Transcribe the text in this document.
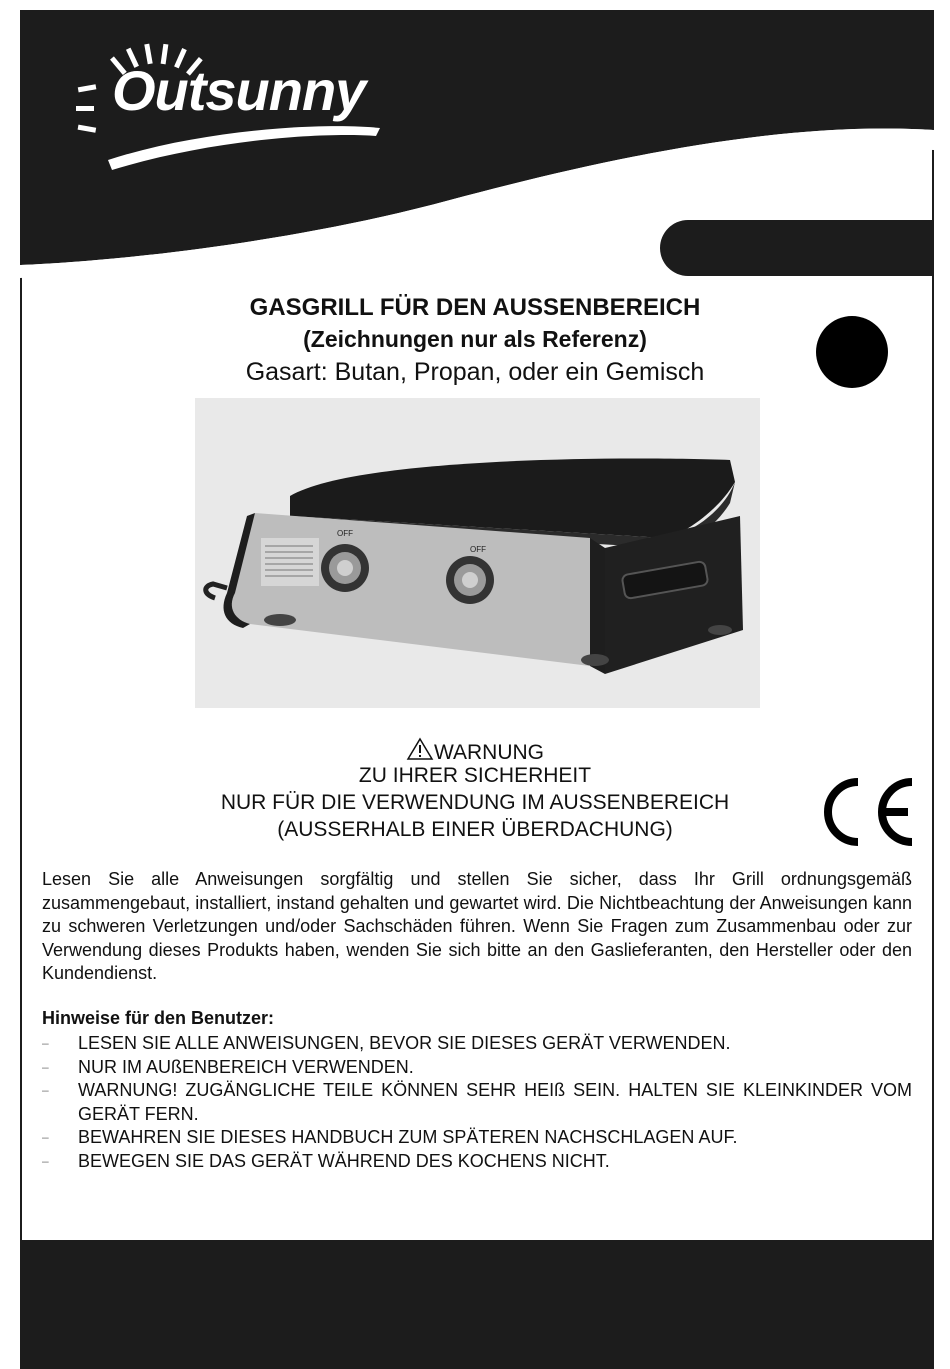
Outsunny
GASGRILL FÜR DEN AUSSENBEREICH
(Zeichnungen nur als Referenz)
Gasart: Butan, Propan, oder ein Gemisch
OFF
OFF
WARNUNG
ZU IHRER SICHERHEIT
NUR FÜR DIE VERWENDUNG IM AUSSENBEREICH
(AUSSERHALB EINER ÜBERDACHUNG)
Lesen Sie alle Anweisungen sorgfältig und stellen Sie sicher, dass Ihr Grill ordnungsgemäß zusammengebaut, installiert, instand gehalten und gewartet wird. Die Nichtbeachtung der Anweisungen kann zu schweren Verletzungen und/oder Sachschäden führen. Wenn Sie Fragen zum Zusammenbau oder zur Verwendung dieses Produkts haben, wenden Sie sich bitte an den Gaslieferanten, den Hersteller oder den Kundendienst.
Hinweise für den Benutzer:
– LESEN SIE ALLE ANWEISUNGEN, BEVOR SIE DIESES GERÄT VERWENDEN.
– NUR IM AUßENBEREICH VERWENDEN.
– WARNUNG! ZUGÄNGLICHE TEILE KÖNNEN SEHR HEIß SEIN. HALTEN SIE KLEINKINDER VOM GERÄT FERN.
– BEWAHREN SIE DIESES HANDBUCH ZUM SPÄTEREN NACHSCHLAGEN AUF.
– BEWEGEN SIE DAS GERÄT WÄHREND DES KOCHENS NICHT.
